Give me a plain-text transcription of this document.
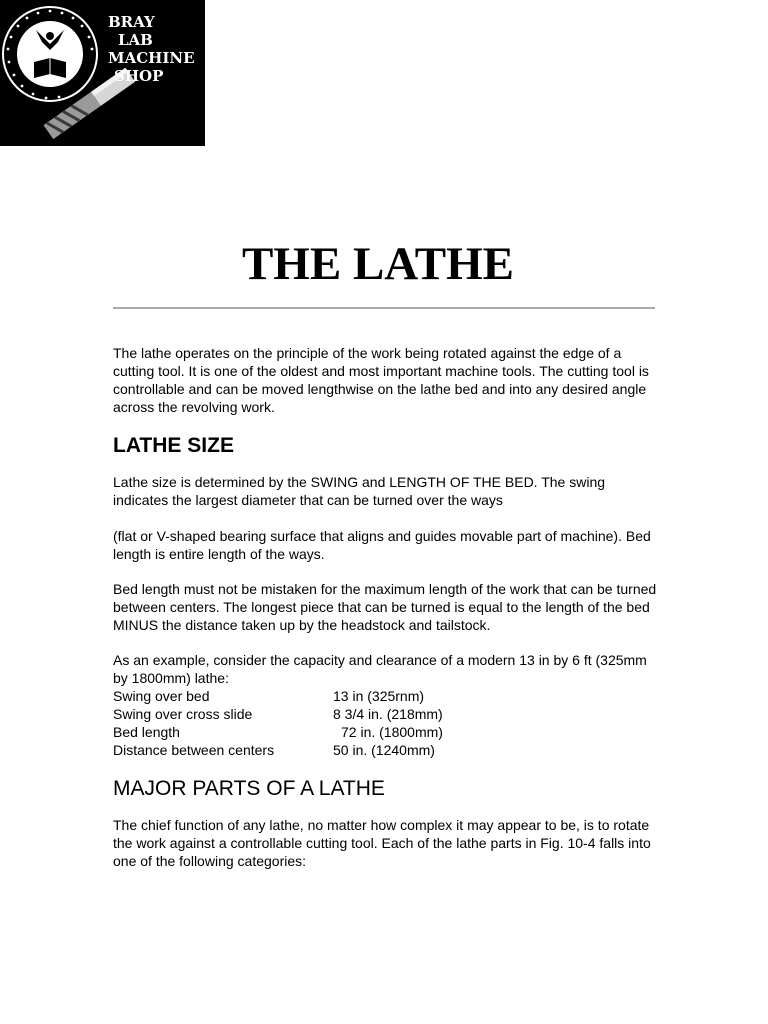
BRAY
LAB
MACHINE
SHOP
THE LATHE

The lathe operates on the principle of the work being rotated against the edge of a cutting tool. It is one of the oldest and most important machine tools. The cutting tool is controllable and can be moved lengthwise on the lathe bed and into any desired angle across the revolving work.

LATHE SIZE

Lathe size is determined by the SWING and LENGTH OF THE BED. The swing indicates the largest diameter that can be turned over the ways

(flat or V-shaped bearing surface that aligns and guides movable part of machine). Bed length is entire length of the ways.

Bed length must not be mistaken for the maximum length of the work that can be turned between centers. The longest piece that can be turned is equal to the length of the bed MINUS the distance taken up by the headstock and tailstock.

As an example, consider the capacity and clearance of a modern 13 in by 6 ft (325mm by 1800mm) lathe:

Swing over bed	13 in (325rnm)
Swing over cross slide	8 3/4 in. (218mm)
Bed length	72 in. (1800mm)
Distance between centers	50 in. (1240mm)
MAJOR PARTS OF A LATHE

The chief function of any lathe, no matter how complex it may appear to be, is to rotate the work against a controllable cutting tool. Each of the lathe parts in Fig. 10-4 falls into one of the following categories:
